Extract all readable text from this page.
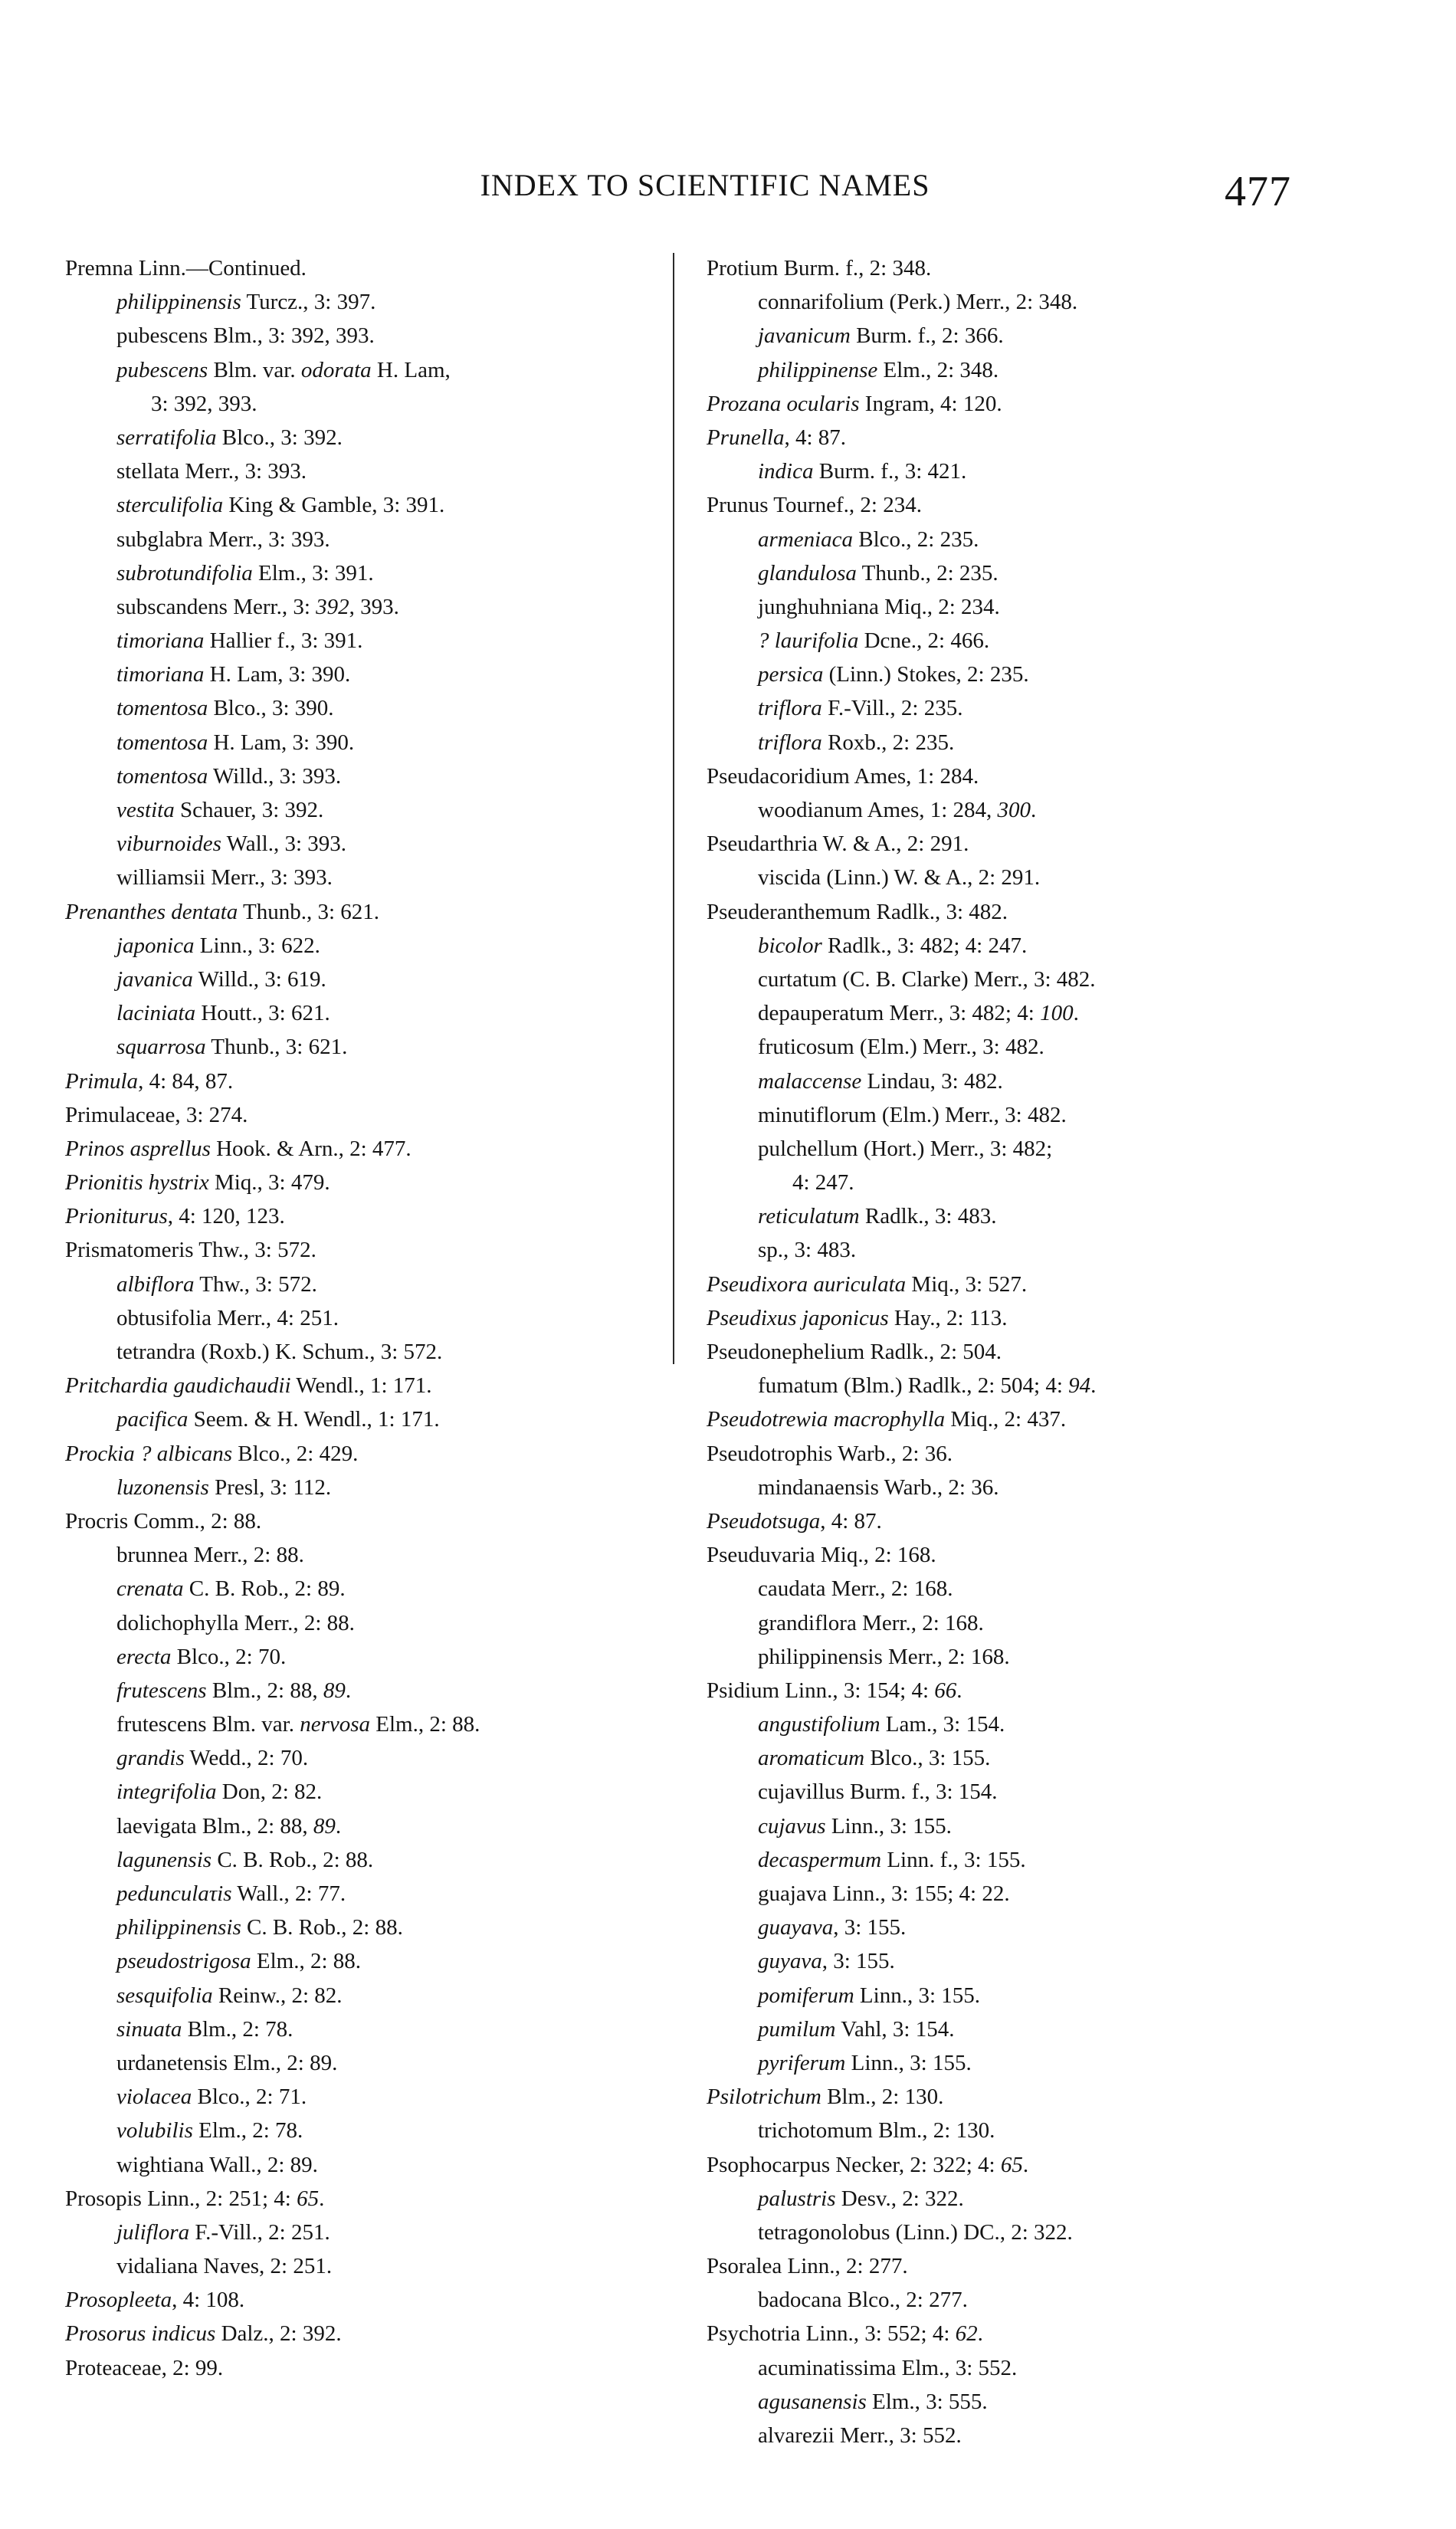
INDEX TO SCIENTIFIC NAMES	477
Premna Linn.—Continued.
philippinensis Turcz., 3: 397.
pubescens Blm., 3: 392, 393.
pubescens Blm. var. odorata H. Lam,
3: 392, 393.
serratifolia Blco., 3: 392.
stellata Merr., 3: 393.
sterculifolia King & Gamble, 3: 391.
subglabra Merr., 3: 393.
subrotundifolia Elm., 3: 391.
subscandens Merr., 3: 392, 393.
timoriana Hallier f., 3: 391.
timoriana H. Lam, 3: 390.
tomentosa Blco., 3: 390.
tomentosa H. Lam, 3: 390.
tomentosa Willd., 3: 393.
vestita Schauer, 3: 392.
viburnoides Wall., 3: 393.
williamsii Merr., 3: 393.
Prenanthes dentata Thunb., 3: 621.
japonica Linn., 3: 622.
javanica Willd., 3: 619.
laciniata Houtt., 3: 621.
squarrosa Thunb., 3: 621.
Primula, 4: 84, 87.
Primulaceae, 3: 274.
Prinos asprellus Hook. & Arn., 2: 477.
Prionitis hystrix Miq., 3: 479.
Prioniturus, 4: 120, 123.
Prismatomeris Thw., 3: 572.
albiflora Thw., 3: 572.
obtusifolia Merr., 4: 251.
tetrandra (Roxb.) K. Schum., 3: 572.
Pritchardia gaudichaudii Wendl., 1: 171.
pacifica Seem. & H. Wendl., 1: 171.
Prockia ? albicans Blco., 2: 429.
luzonensis Presl, 3: 112.
Procris Comm., 2: 88.
brunnea Merr., 2: 88.
crenata C. B. Rob., 2: 89.
dolichophylla Merr., 2: 88.
erecta Blco., 2: 70.
frutescens Blm., 2: 88, 89.
frutescens Blm. var. nervosa Elm., 2: 88.
grandis Wedd., 2: 70.
integrifolia Don, 2: 82.
laevigata Blm., 2: 88, 89.
lagunensis C. B. Rob., 2: 88.
pedunculaτis Wall., 2: 77.
philippinensis C. B. Rob., 2: 88.
pseudostrigosa Elm., 2: 88.
sesquifolia Reinw., 2: 82.
sinuata Blm., 2: 78.
urdanetensis Elm., 2: 89.
violacea Blco., 2: 71.
volubilis Elm., 2: 78.
wightiana Wall., 2: 89.
Prosopis Linn., 2: 251; 4: 65.
juliflora F.-Vill., 2: 251.
vidaliana Naves, 2: 251.
Prosopleeta, 4: 108.
Prosorus indicus Dalz., 2: 392.
Proteaceae, 2: 99.
Protium Burm. f., 2: 348.
connarifolium (Perk.) Merr., 2: 348.
javanicum Burm. f., 2: 366.
philippinense Elm., 2: 348.
Prozana ocularis Ingram, 4: 120.
Prunella, 4: 87.
indica Burm. f., 3: 421.
Prunus Tournef., 2: 234.
armeniaca Blco., 2: 235.
glandulosa Thunb., 2: 235.
junghuhniana Miq., 2: 234.
? laurifolia Dcne., 2: 466.
persica (Linn.) Stokes, 2: 235.
triflora F.-Vill., 2: 235.
triflora Roxb., 2: 235.
Pseudacoridium Ames, 1: 284.
woodianum Ames, 1: 284, 300.
Pseudarthria W. & A., 2: 291.
viscida (Linn.) W. & A., 2: 291.
Pseuderanthemum Radlk., 3: 482.
bicolor Radlk., 3: 482; 4: 247.
curtatum (C. B. Clarke) Merr., 3: 482.
depauperatum Merr., 3: 482; 4: 100.
fruticosum (Elm.) Merr., 3: 482.
malaccense Lindau, 3: 482.
minutiflorum (Elm.) Merr., 3: 482.
pulchellum (Hort.) Merr., 3: 482;
4: 247.
reticulatum Radlk., 3: 483.
sp., 3: 483.
Pseudixora auriculata Miq., 3: 527.
Pseudixus japonicus Hay., 2: 113.
Pseudonephelium Radlk., 2: 504.
fumatum (Blm.) Radlk., 2: 504; 4: 94.
Pseudotrewia macrophylla Miq., 2: 437.
Pseudotrophis Warb., 2: 36.
mindanaensis Warb., 2: 36.
Pseudotsuga, 4: 87.
Pseuduvaria Miq., 2: 168.
caudata Merr., 2: 168.
grandiflora Merr., 2: 168.
philippinensis Merr., 2: 168.
Psidium Linn., 3: 154; 4: 66.
angustifolium Lam., 3: 154.
aromaticum Blco., 3: 155.
cujavillus Burm. f., 3: 154.
cujavus Linn., 3: 155.
decaspermum Linn. f., 3: 155.
guajava Linn., 3: 155; 4: 22.
guayava, 3: 155.
guyava, 3: 155.
pomiferum Linn., 3: 155.
pumilum Vahl, 3: 154.
pyriferum Linn., 3: 155.
Psilotrichum Blm., 2: 130.
trichotomum Blm., 2: 130.
Psophocarpus Necker, 2: 322; 4: 65.
palustris Desv., 2: 322.
tetragonolobus (Linn.) DC., 2: 322.
Psoralea Linn., 2: 277.
badocana Blco., 2: 277.
Psychotria Linn., 3: 552; 4: 62.
acuminatissima Elm., 3: 552.
agusanensis Elm., 3: 555.
alvarezii Merr., 3: 552.
